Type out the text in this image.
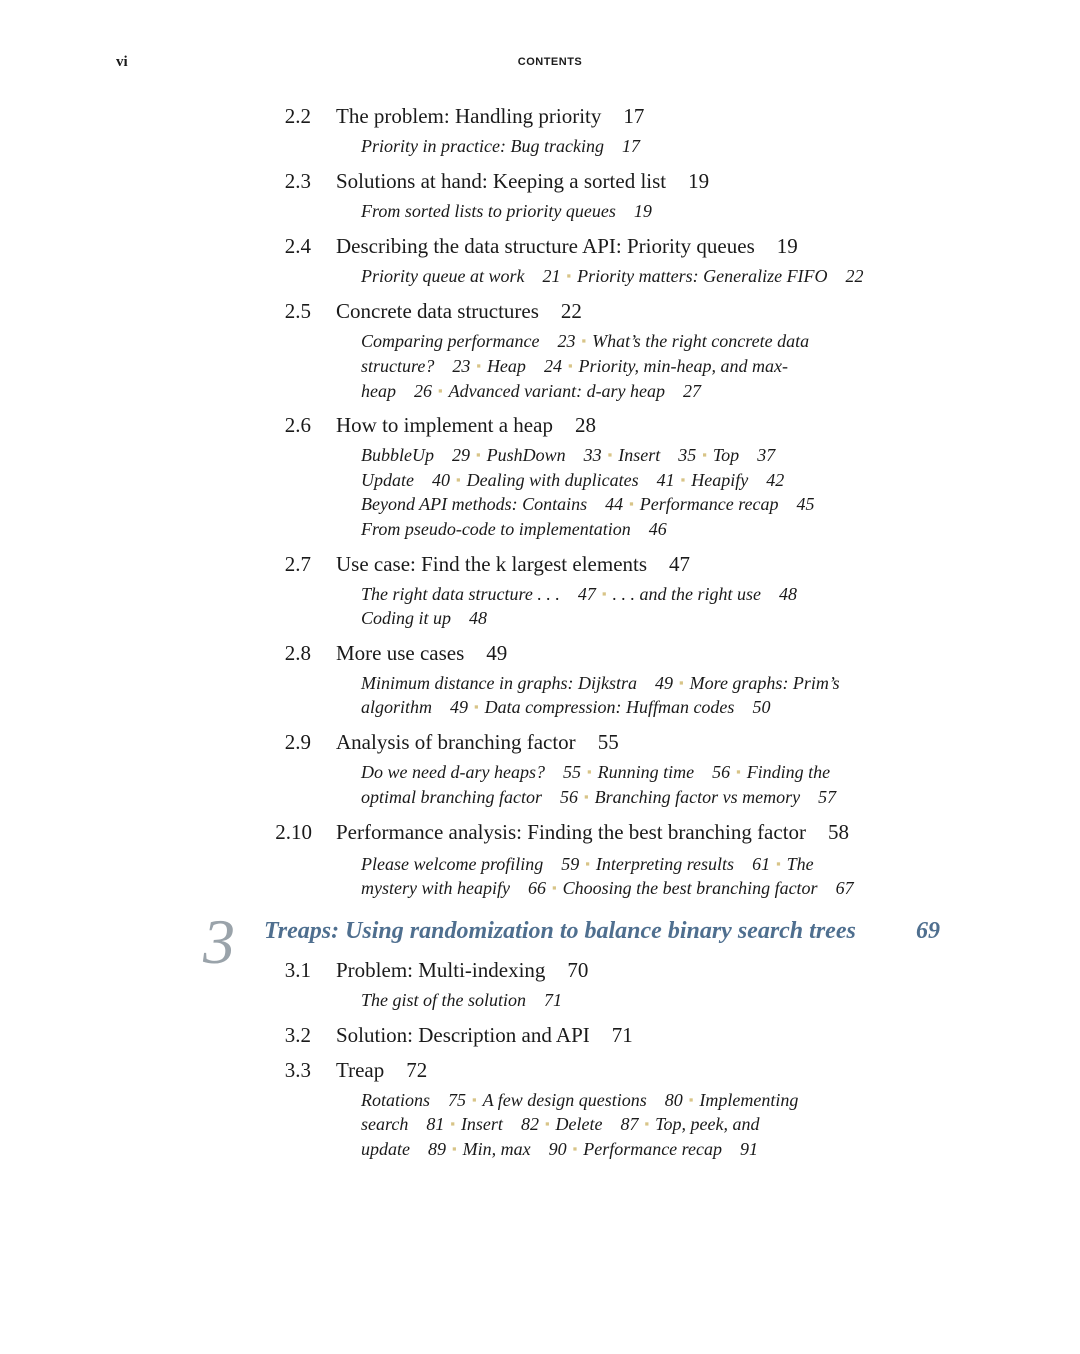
vi	CONTENTS
2.2 The problem: Handling priority 17
Priority in practice: Bug tracking 17
2.3 Solutions at hand: Keeping a sorted list 19
From sorted lists to priority queues 19
2.4 Describing the data structure API: Priority queues 19
Priority queue at work 21 ▪ Priority matters: Generalize FIFO 22
2.5 Concrete data structures 22
Comparing performance 23 ▪ What’s the right concrete data
structure? 23 ▪ Heap 24 ▪ Priority, min-heap, and max-
heap 26 ▪ Advanced variant: d-ary heap 27
2.6 How to implement a heap 28
BubbleUp 29 ▪ PushDown 33 ▪ Insert 35 ▪ Top 37
Update 40 ▪ Dealing with duplicates 41 ▪ Heapify 42
Beyond API methods: Contains 44 ▪ Performance recap 45
From pseudo-code to implementation 46
2.7 Use case: Find the k largest elements 47
The right data structure . . . 47 ▪ . . . and the right use 48
Coding it up 48
2.8 More use cases 49
Minimum distance in graphs: Dijkstra 49 ▪ More graphs: Prim’s
algorithm 49 ▪ Data compression: Huffman codes 50
2.9 Analysis of branching factor 55
Do we need d-ary heaps? 55 ▪ Running time 56 ▪ Finding the
optimal branching factor 56 ▪ Branching factor vs memory 57
2.10 Performance analysis: Finding the best branching factor 58
Please welcome profiling 59 ▪ Interpreting results 61 ▪ The
mystery with heapify 66 ▪ Choosing the best branching factor 67
3.1 Problem: Multi-indexing 70
The gist of the solution 71
3.2 Solution: Description and API 71
3.3 Treap 72
Rotations 75 ▪ A few design questions 80 ▪ Implementing
search 81 ▪ Insert 82 ▪ Delete 87 ▪ Top, peek, and
update 89 ▪ Min, max 90 ▪ Performance recap 91
3 Treaps: Using randomization to balance binary search trees	69
